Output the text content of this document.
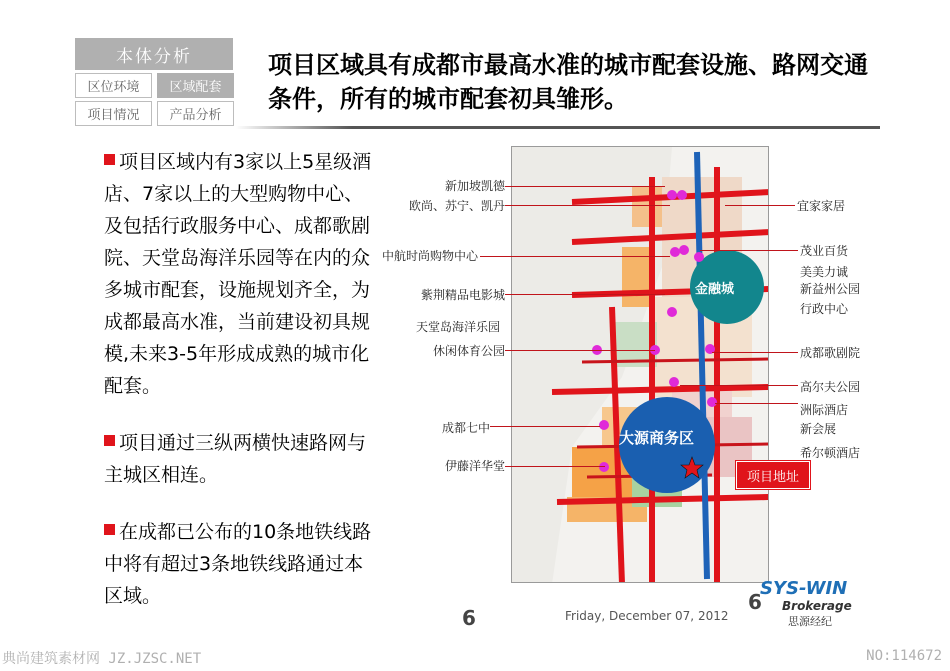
本体分析
区位环境	区域配套
项目情况	产品分析
项目区域具有成都市最高水准的城市配套设施、路网交通条件，所有的城市配套初具雏形。

项目区域内有3家以上5星级酒店、7家以上的大型购物中心、及包括行政服务中心、成都歌剧院、天堂岛海洋乐园等在内的众多城市配套，设施规划齐全，为成都最高水准，当前建设初具规模,未来3-5年形成成熟的城市化配套。

项目通过三纵两横快速路网与主城区相连。

在成都已公布的10条地铁线路中将有超过3条地铁线路通过本区域。

金融城
大源商务区
新加坡凯德
欧尚、苏宁、凯丹
中航时尚购物中心
紫荆精品电影城
天堂岛海洋乐园
休闲体育公园
成都七中
伊藤洋华堂
宜家家居
茂业百货
美美力诚
新益州公园
行政中心
成都歌剧院
高尔夫公园
洲际酒店
新会展
希尔顿酒店
项目地址
6
6
Friday, December 07, 2012
SYS-WIN
Brokerage
思源经纪
典尚建筑素材网 JZ.JZSC.NET	NO:114672
